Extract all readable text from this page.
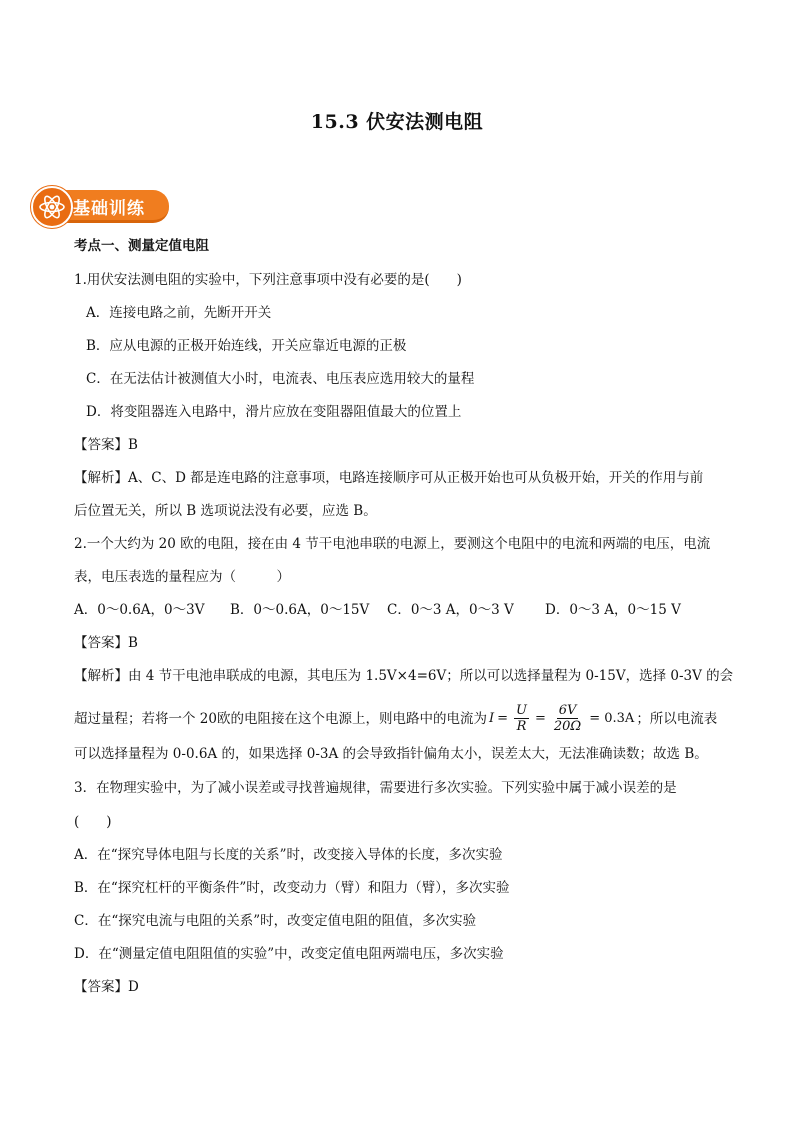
15.3 伏安法测电阻
基础训练
考点一、测量定值电阻
1.用伏安法测电阻的实验中，下列注意事项中没有必要的是(　　)
A．连接电路之前，先断开开关
B．应从电源的正极开始连线，开关应靠近电源的正极
C．在无法估计被测值大小时，电流表、电压表应选用较大的量程
D．将变阻器连入电路中，滑片应放在变阻器阻值最大的位置上
【答案】B
【解析】A、C、D 都是连电路的注意事项，电路连接顺序可从正极开始也可从负极开始，开关的作用与前
后位置无关，所以 B 选项说法没有必要，应选 B。
2.一个大约为 20 欧的电阻，接在由 4 节干电池串联的电源上，要测这个电阻中的电流和两端的电压，电流
表，电压表选的量程应为（　　　）
A．0～0.6A，0～3V	B．0～0.6A，0～15V	C．0～3 A，0～3 V	D．0～3 A，0～15 V
【答案】B
【解析】由 4 节干电池串联成的电源，其电压为 1.5V×4=6V；所以可以选择量程为 0-15V，选择 0-3V 的会
超过量程；若将一个 20欧的电阻接在这个电源上，则电路中的电流为 $I = \frac{U}{R} = \frac{6V}{20\Omega} = 0.3A$ ；所以电流表
可以选择量程为 0-0.6A 的，如果选择 0-3A 的会导致指针偏角太小，误差太大，无法准确读数；故选 B。
3．在物理实验中，为了减小误差或寻找普遍规律，需要进行多次实验。下列实验中属于减小误差的是
(　　)
A．在“探究导体电阻与长度的关系”时，改变接入导体的长度，多次实验
B．在“探究杠杆的平衡条件”时，改变动力（臂）和阻力（臂），多次实验
C．在“探究电流与电阻的关系”时，改变定值电阻的阻值，多次实验
D．在“测量定值电阻阻值的实验”中，改变定值电阻两端电压，多次实验
【答案】D
